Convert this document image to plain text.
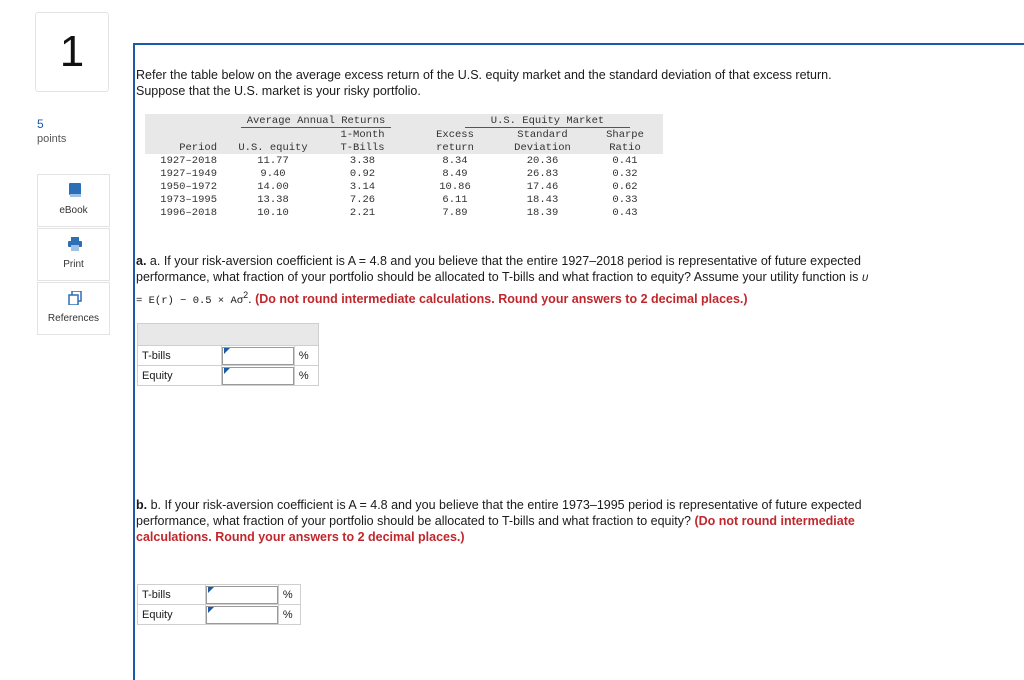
1
5
points
eBook
Print
References
Refer the table below on the average excess return of the U.S. equity market and the standard deviation of that excess return.
Suppose that the U.S. market is your risky portfolio.
Average Annual Returns	U.S. Equity Market
1-Month	Excess	Standard	Sharpe
Period	U.S. equity	T-Bills	return	Deviation	Ratio
1927–2018	11.77	3.38	8.34	20.36	0.41
1927–1949	9.40	0.92	8.49	26.83	0.32
1950–1972	14.00	3.14	10.86	17.46	0.62
1973–1995	13.38	7.26	6.11	18.43	0.33
1996–2018	10.10	2.21	7.89	18.39	0.43
a. a. If your risk-aversion coefficient is A = 4.8 and you believe that the entire 1927–2018 period is representative of future expected
performance, what fraction of your portfolio should be allocated to T-bills and what fraction to equity? Assume your utility function is U
= $E(r) - 0.5 \times A\sigma^2$. (Do not round intermediate calculations. Round your answers to 2 decimal places.)

T-bills		%
Equity		%
b. b. If your risk-aversion coefficient is A = 4.8 and you believe that the entire 1973–1995 period is representative of future expected
performance, what fraction of your portfolio should be allocated to T-bills and what fraction to equity? (Do not round intermediate
calculations. Round your answers to 2 decimal places.)
T-bills		%
Equity		%
